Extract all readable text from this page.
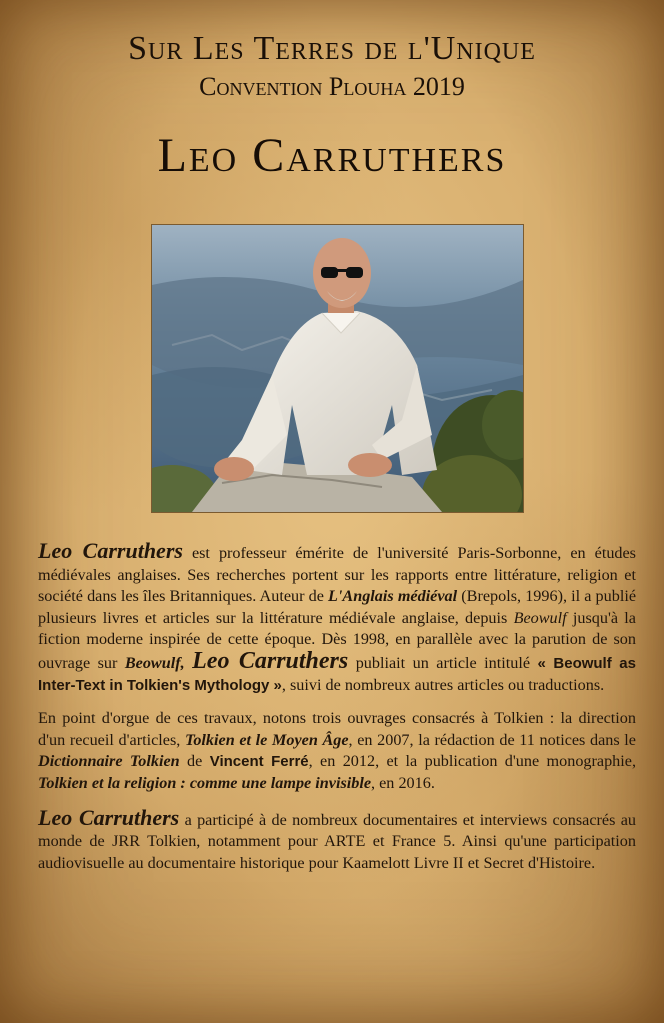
Sur Les Terres de l'Unique
Convention Plouha 2019
Leo Carruthers

Leo Carruthers est professeur émérite de l'université Paris-Sorbonne, en études médiévales anglaises. Ses recherches portent sur les rapports entre littérature, religion et société dans les îles Britanniques. Auteur de L'Anglais médiéval (Brepols, 1996), il a publié plusieurs livres et articles sur la littérature médiévale anglaise, depuis Beowulf jusqu'à la fiction moderne inspirée de cette époque. Dès 1998, en parallèle avec la parution de son ouvrage sur Beowulf, Leo Carruthers publiait un article intitulé « Beowulf as Inter-Text in Tolkien's Mythology », suivi de nombreux autres articles ou traductions.

En point d'orgue de ces travaux, notons trois ouvrages consacrés à Tolkien : la direction d'un recueil d'articles, Tolkien et le Moyen Âge, en 2007, la rédaction de 11 notices dans le Dictionnaire Tolkien de Vincent Ferré, en 2012, et la publication d'une monographie, Tolkien et la religion : comme une lampe invisible, en 2016.

Leo Carruthers a participé à de nombreux documentaires et interviews consacrés au monde de JRR Tolkien, notamment pour ARTE et France 5. Ainsi qu'une participation audiovisuelle au documentaire historique pour Kaamelott Livre II et Secret d'Histoire.
